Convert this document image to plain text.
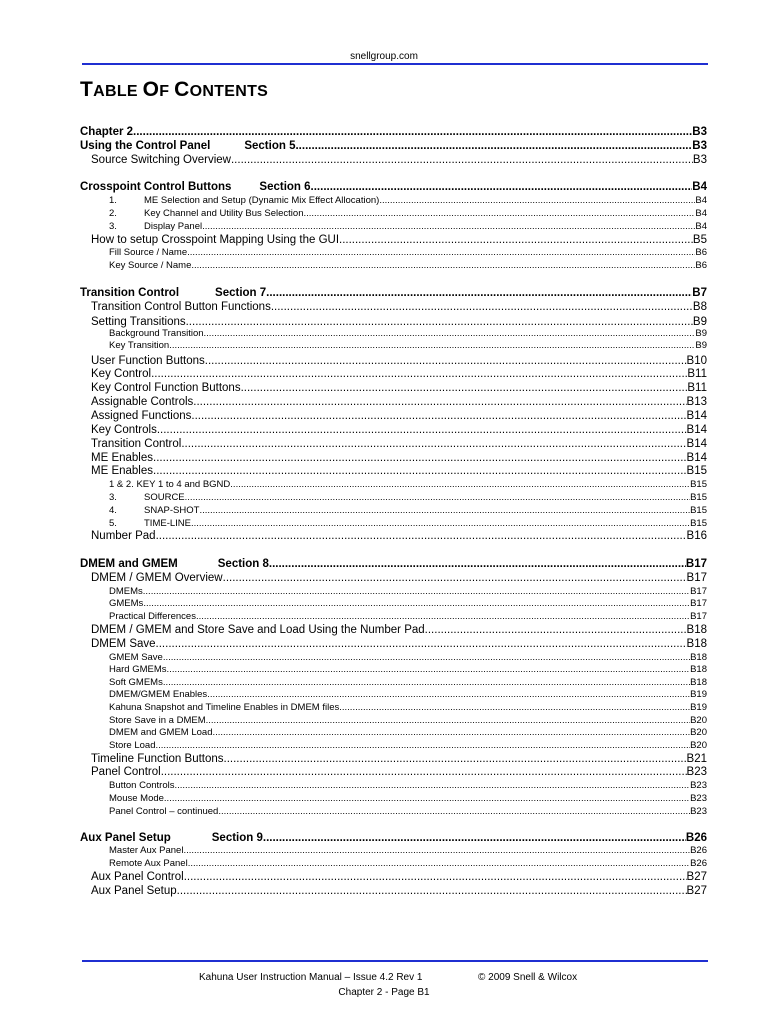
snellgroup.com
TABLE OF CONTENTS
Chapter 2 .....	B3
Using the Control Panel	Section 5 .....	B3
Source Switching Overview .....	B3
Crosspoint Control Buttons	Section 6 .....	B4
1.	ME Selection and Setup (Dynamic Mix Effect Allocation) .....	B4
2.	Key Channel and Utility Bus Selection .....	B4
3.	Display Panel .....	B4
How to setup Crosspoint Mapping Using the GUI .....	B5
Fill Source / Name .....	B6
Key Source / Name .....	B6
Transition Control	Section 7 .....	B7
Transition Control Button Functions .....	B8
Setting Transitions .....	B9
Background Transition .....	B9
Key Transition .....	B9
User Function Buttons .....	B10
Key Control .....	B11
Key Control Function Buttons .....	B11
Assignable Controls .....	B13
Assigned Functions .....	B14
Key Controls .....	B14
Transition Control .....	B14
ME Enables .....	B14
ME Enables .....	B15
1 & 2. KEY 1 to 4 and BGND .....	B15
3.	SOURCE .....	B15
4.	SNAP-SHOT .....	B15
5.	TIME-LINE .....	B15
Number Pad .....	B16
DMEM and GMEM	Section 8 .....	B17
DMEM / GMEM Overview .....	B17
DMEMs .....	B17
GMEMs .....	B17
Practical Differences .....	B17
DMEM / GMEM and Store Save and Load Using the Number Pad .....	B18
DMEM Save .....	B18
GMEM Save .....	B18
Hard GMEMs .....	B18
Soft GMEMs .....	B18
DMEM/GMEM Enables .....	B19
Kahuna Snapshot and Timeline Enables in DMEM files .....	B19
Store Save in a DMEM .....	B20
DMEM and GMEM Load .....	B20
Store Load .....	B20
Timeline Function Buttons .....	B21
Panel Control .....	B23
Button Controls .....	B23
Mouse Mode .....	B23
Panel Control – continued .....	B23
Aux Panel Setup	Section 9 .....	B26
Master Aux Panel .....	B26
Remote Aux Panel .....	B26
Aux Panel Control .....	B27
Aux Panel Setup .....	B27
Kahuna User Instruction Manual – Issue 4.2 Rev 1	© 2009 Snell & Wilcox
Chapter 2 - Page B1
